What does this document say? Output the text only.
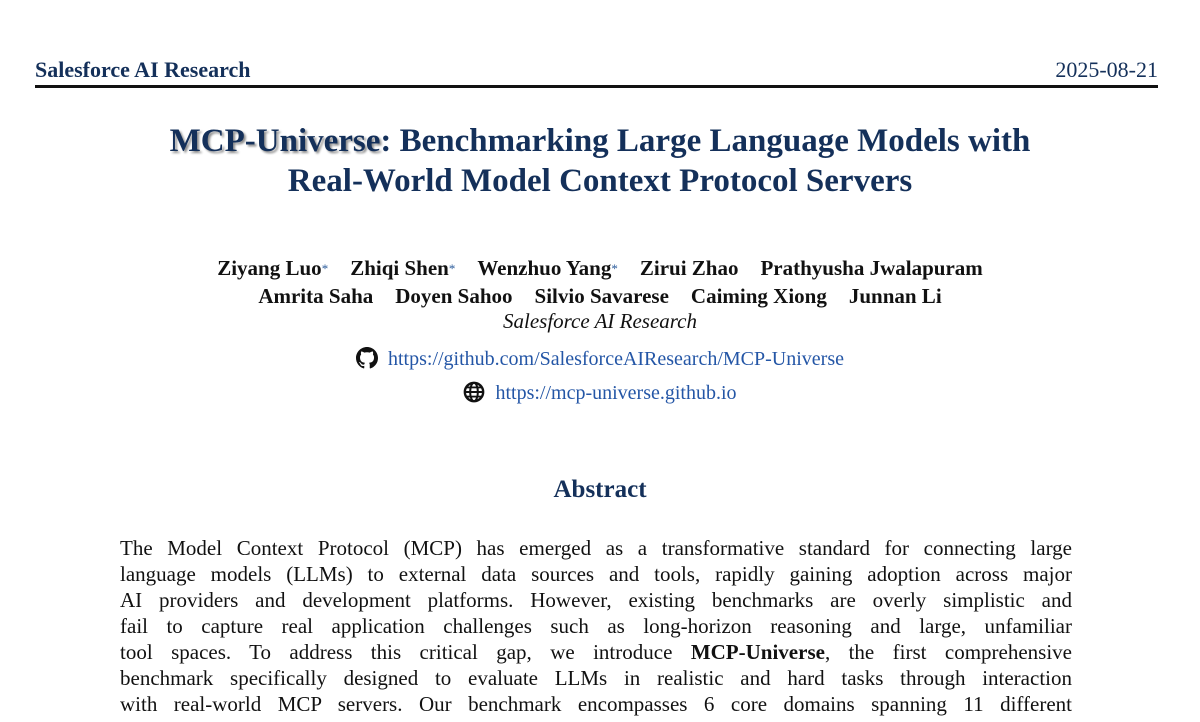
Salesforce AI Research	2025-08-21
MCP-Universe: Benchmarking Large Language Models with
Real-World Model Context Protocol Servers
Ziyang Luo* Zhiqi Shen* Wenzhuo Yang* Zirui Zhao Prathyusha Jwalapuram
Amrita Saha Doyen Sahoo Silvio Savarese Caiming Xiong Junnan Li
Salesforce AI Research
https://github.com/SalesforceAIResearch/MCP-Universe
https://mcp-universe.github.io
Abstract
The Model Context Protocol (MCP) has emerged as a transformative standard for connecting large
language models (LLMs) to external data sources and tools, rapidly gaining adoption across major
AI providers and development platforms. However, existing benchmarks are overly simplistic and
fail to capture real application challenges such as long-horizon reasoning and large, unfamiliar
tool spaces. To address this critical gap, we introduce MCP-Universe, the first comprehensive
benchmark specifically designed to evaluate LLMs in realistic and hard tasks through interaction
with real-world MCP servers. Our benchmark encompasses 6 core domains spanning 11 different
